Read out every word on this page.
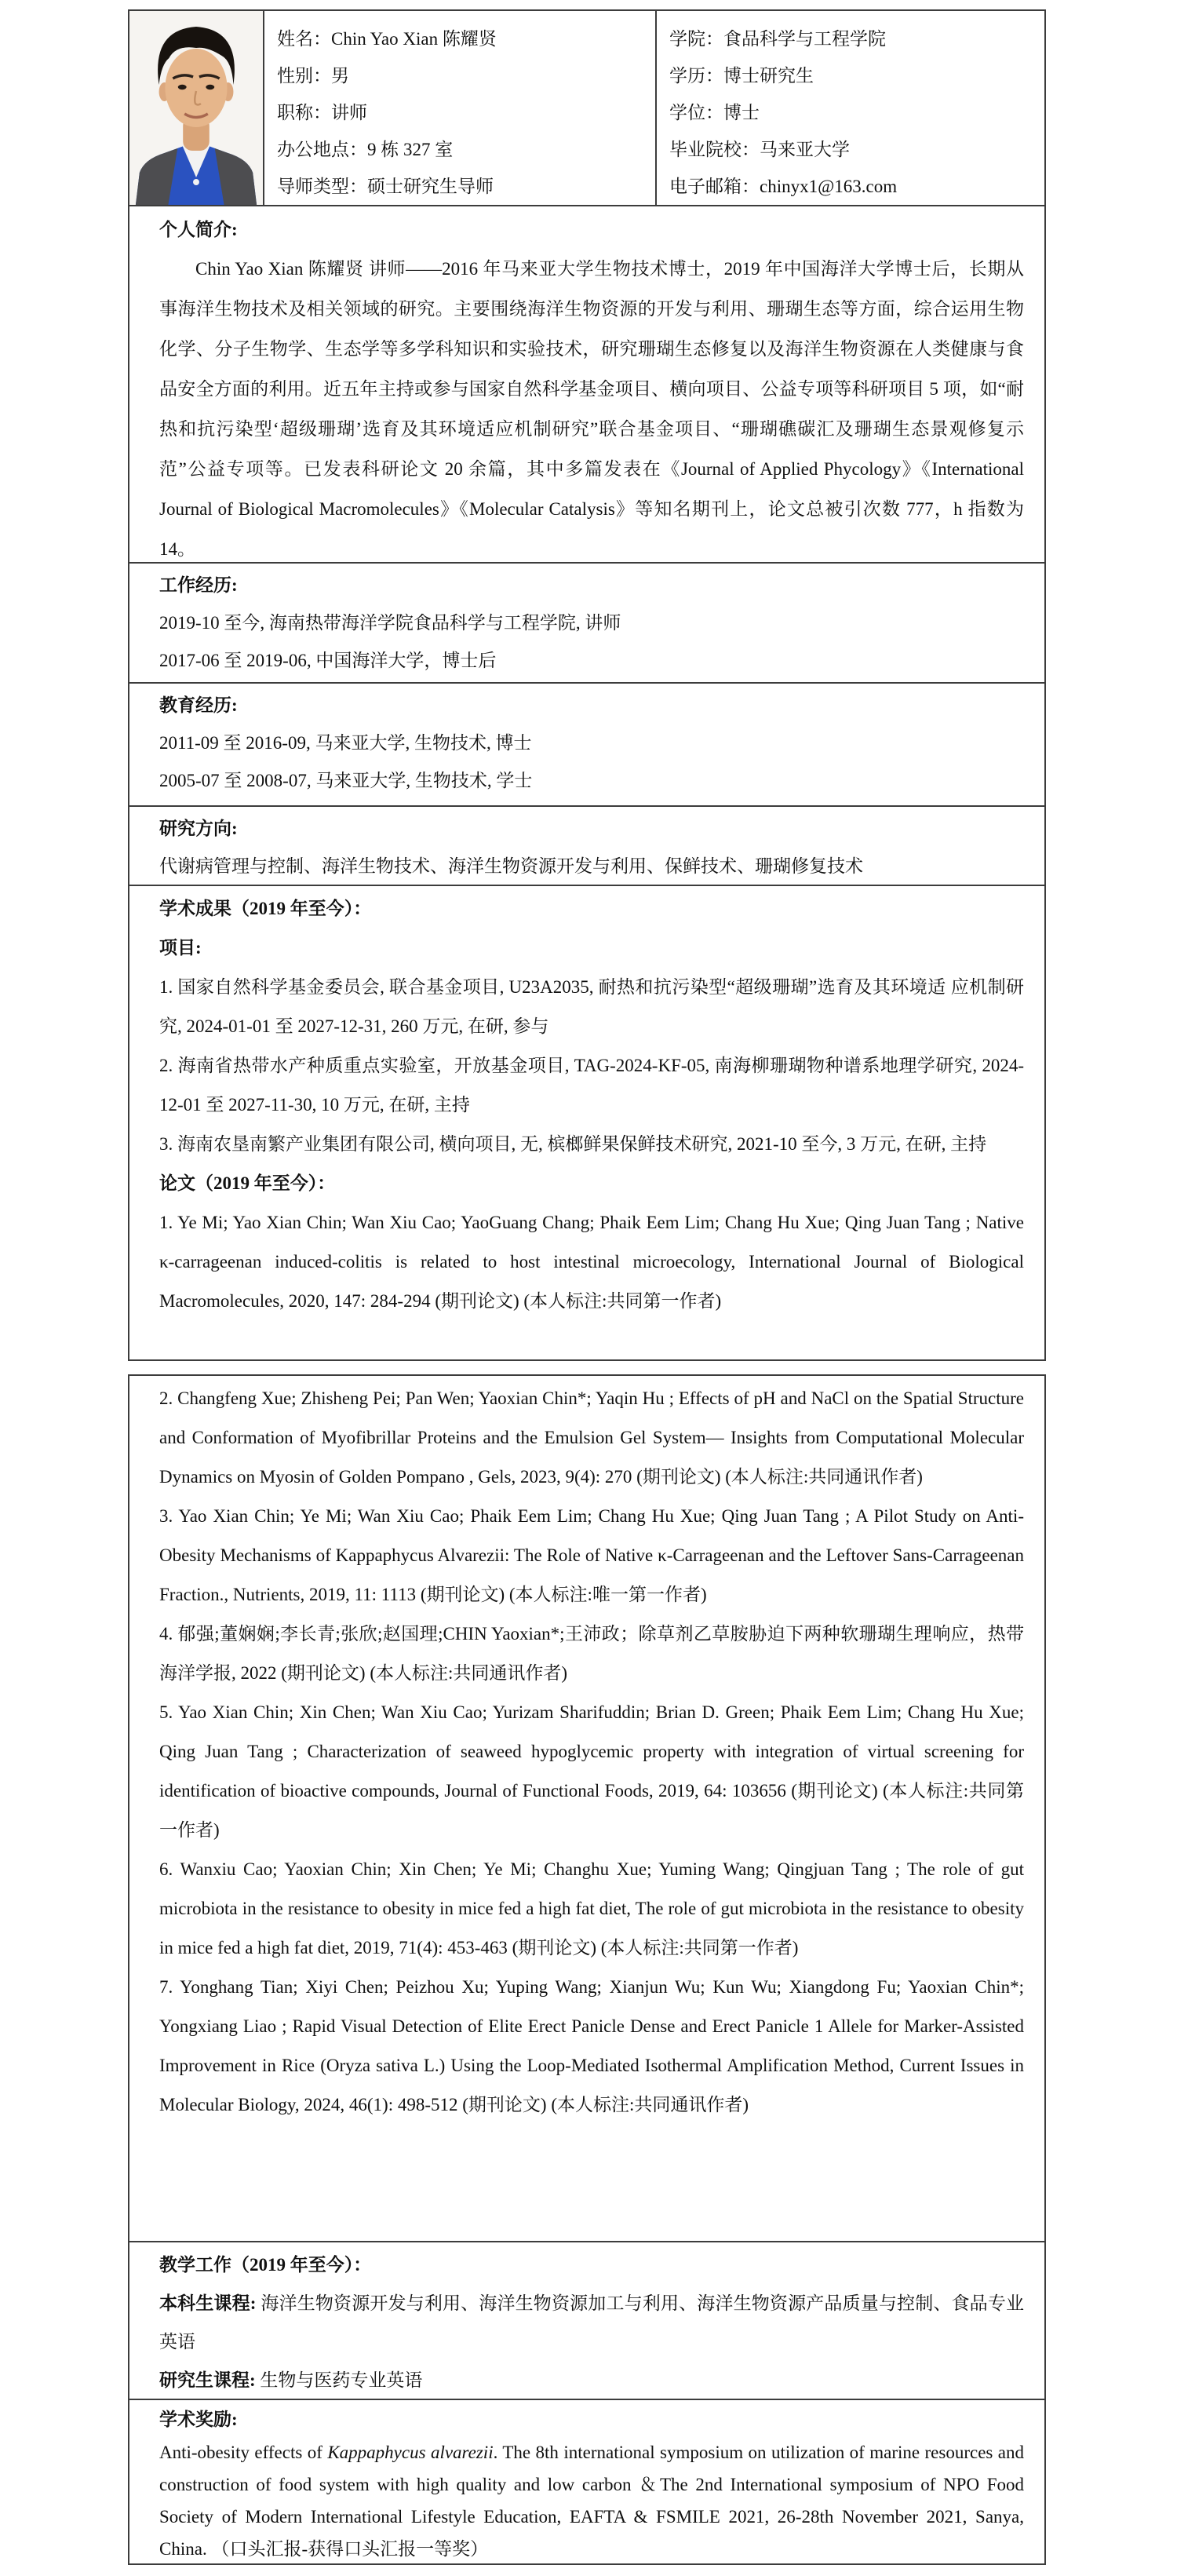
姓名：Chin Yao Xian 陈耀贤
性别：男
职称：讲师
办公地点：9 栋 327 室
导师类型：硕士研究生导师
学院：食品科学与工程学院
学历：博士研究生
学位：博士
毕业院校：马来亚大学
电子邮箱：chinyx1@163.com
个人简介:

Chin Yao Xian 陈耀贤 讲师——2016 年马来亚大学生物技术博士，2019 年中国海洋大学博士后，长期从事海洋生物技术及相关领域的研究。主要围绕海洋生物资源的开发与利用、珊瑚生态等方面，综合运用生物化学、分子生物学、生态学等多学科知识和实验技术，研究珊瑚生态修复以及海洋生物资源在人类健康与食品安全方面的利用。近五年主持或参与国家自然科学基金项目、横向项目、公益专项等科研项目 5 项，如“耐热和抗污染型‘超级珊瑚’选育及其环境适应机制研究”联合基金项目、“珊瑚礁碳汇及珊瑚生态景观修复示范”公益专项等。已发表科研论文 20 余篇，其中多篇发表在《Journal of Applied Phycology》《International Journal of Biological Macromolecules》《Molecular Catalysis》等知名期刊上，论文总被引次数 777，h 指数为 14。

工作经历:
2019-10 至今, 海南热带海洋学院食品科学与工程学院, 讲师
2017-06 至 2019-06, 中国海洋大学，博士后
教育经历:
2011-09 至 2016-09, 马来亚大学, 生物技术, 博士
2005-07 至 2008-07, 马来亚大学, 生物技术, 学士
研究方向:
代谢病管理与控制、海洋生物技术、海洋生物资源开发与利用、保鲜技术、珊瑚修复技术
学术成果（2019 年至今）：
项目:
1. 国家自然科学基金委员会, 联合基金项目, U23A2035, 耐热和抗污染型“超级珊瑚”选育及其环境适 应机制研究, 2024-01-01 至 2027-12-31, 260 万元, 在研, 参与
2. 海南省热带水产种质重点实验室，开放基金项目, TAG-2024-KF-05, 南海柳珊瑚物种谱系地理学研究, 2024-12-01 至 2027-11-30, 10 万元, 在研, 主持
3. 海南农垦南繁产业集团有限公司, 横向项目, 无, 槟榔鲜果保鲜技术研究, 2021-10 至今, 3 万元, 在研, 主持
论文（2019 年至今）：
1. Ye Mi; Yao Xian Chin; Wan Xiu Cao; YaoGuang Chang; Phaik Eem Lim; Chang Hu Xue; Qing Juan Tang ; Native κ-carrageenan induced-colitis is related to host intestinal microecology, International Journal of Biological Macromolecules, 2020, 147: 284-294 (期刊论文) (本人标注:共同第一作者)
2. Changfeng Xue; Zhisheng Pei; Pan Wen; Yaoxian Chin*; Yaqin Hu ; Effects of pH and NaCl on the Spatial Structure and Conformation of Myofibrillar Proteins and the Emulsion Gel System— Insights from Computational Molecular Dynamics on Myosin of Golden Pompano , Gels, 2023, 9(4): 270 (期刊论文) (本人标注:共同通讯作者)
3. Yao Xian Chin; Ye Mi; Wan Xiu Cao; Phaik Eem Lim; Chang Hu Xue; Qing Juan Tang ; A Pilot Study on Anti-Obesity Mechanisms of Kappaphycus Alvarezii: The Role of Native κ-Carrageenan and the Leftover Sans-Carrageenan Fraction., Nutrients, 2019, 11: 1113 (期刊论文) (本人标注:唯一第一作者)
4. 郁强;董娴娴;李长青;张欣;赵国理;CHIN Yaoxian*;王沛政；除草剂乙草胺胁迫下两种软珊瑚生理响应，热带海洋学报, 2022 (期刊论文) (本人标注:共同通讯作者)
5. Yao Xian Chin; Xin Chen; Wan Xiu Cao; Yurizam Sharifuddin; Brian D. Green; Phaik Eem Lim; Chang Hu Xue; Qing Juan Tang ; Characterization of seaweed hypoglycemic property with integration of virtual screening for identification of bioactive compounds, Journal of Functional Foods, 2019, 64: 103656 (期刊论文) (本人标注:共同第一作者)
6. Wanxiu Cao; Yaoxian Chin; Xin Chen; Ye Mi; Changhu Xue; Yuming Wang; Qingjuan Tang ; The role of gut microbiota in the resistance to obesity in mice fed a high fat diet, The role of gut microbiota in the resistance to obesity in mice fed a high fat diet, 2019, 71(4): 453-463 (期刊论文) (本人标注:共同第一作者)
7. Yonghang Tian; Xiyi Chen; Peizhou Xu; Yuping Wang; Xianjun Wu; Kun Wu; Xiangdong Fu; Yaoxian Chin*; Yongxiang Liao ; Rapid Visual Detection of Elite Erect Panicle Dense and Erect Panicle 1 Allele for Marker-Assisted Improvement in Rice (Oryza sativa L.) Using the Loop-Mediated Isothermal Amplification Method, Current Issues in Molecular Biology, 2024, 46(1): 498-512 (期刊论文) (本人标注:共同通讯作者)
教学工作（2019 年至今）：
本科生课程: 海洋生物资源开发与利用、海洋生物资源加工与利用、海洋生物资源产品质量与控制、食品专业英语
研究生课程: 生物与医药专业英语
学术奖励:

Anti-obesity effects of Kappaphycus alvarezii. The 8th international symposium on utilization of marine resources and construction of food system with high quality and low carbon ＆The 2nd International symposium of NPO Food Society of Modern International Lifestyle Education, EAFTA & FSMILE 2021, 26-28th November 2021, Sanya, China. （口头汇报-获得口头汇报一等奖）
